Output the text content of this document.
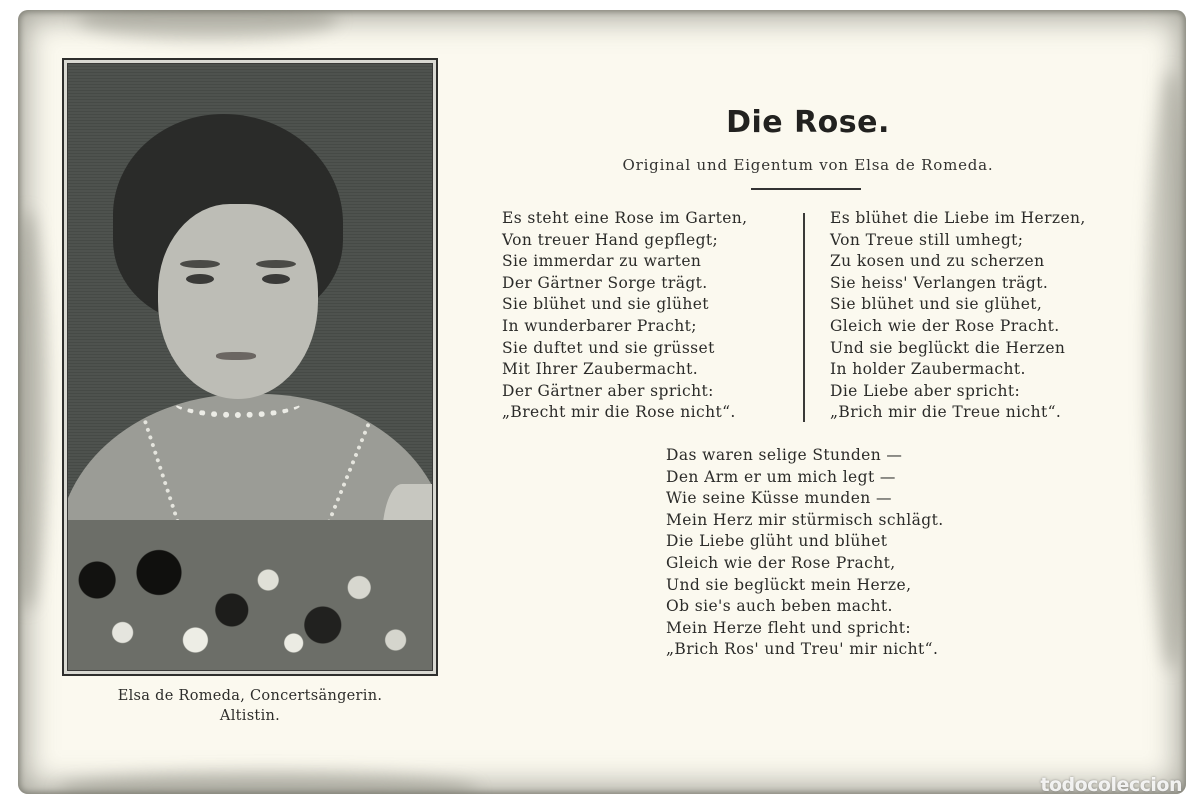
Elsa de Romeda, Concertsängerin.
Altistin.
Die Rose.
Original und Eigentum von Elsa de Romeda.
Es steht eine Rose im Garten,
Von treuer Hand gepflegt;
Sie immerdar zu warten
Der Gärtner Sorge trägt.
Sie blühet und sie glühet
In wunderbarer Pracht;
Sie duftet und sie grüsset
Mit Ihrer Zaubermacht.
Der Gärtner aber spricht:
„Brecht mir die Rose nicht“.
Es blühet die Liebe im Herzen,
Von Treue still umhegt;
Zu kosen und zu scherzen
Sie heiss' Verlangen trägt.
Sie blühet und sie glühet,
Gleich wie der Rose Pracht.
Und sie beglückt die Herzen
In holder Zaubermacht.
Die Liebe aber spricht:
„Brich mir die Treue nicht“.
Das waren selige Stunden —
Den Arm er um mich legt —
Wie seine Küsse munden —
Mein Herz mir stürmisch schlägt.
Die Liebe glüht und blühet
Gleich wie der Rose Pracht,
Und sie beglückt mein Herze,
Ob sie's auch beben macht.
Mein Herze fleht und spricht:
„Brich Ros' und Treu' mir nicht“.
todocoleccion
